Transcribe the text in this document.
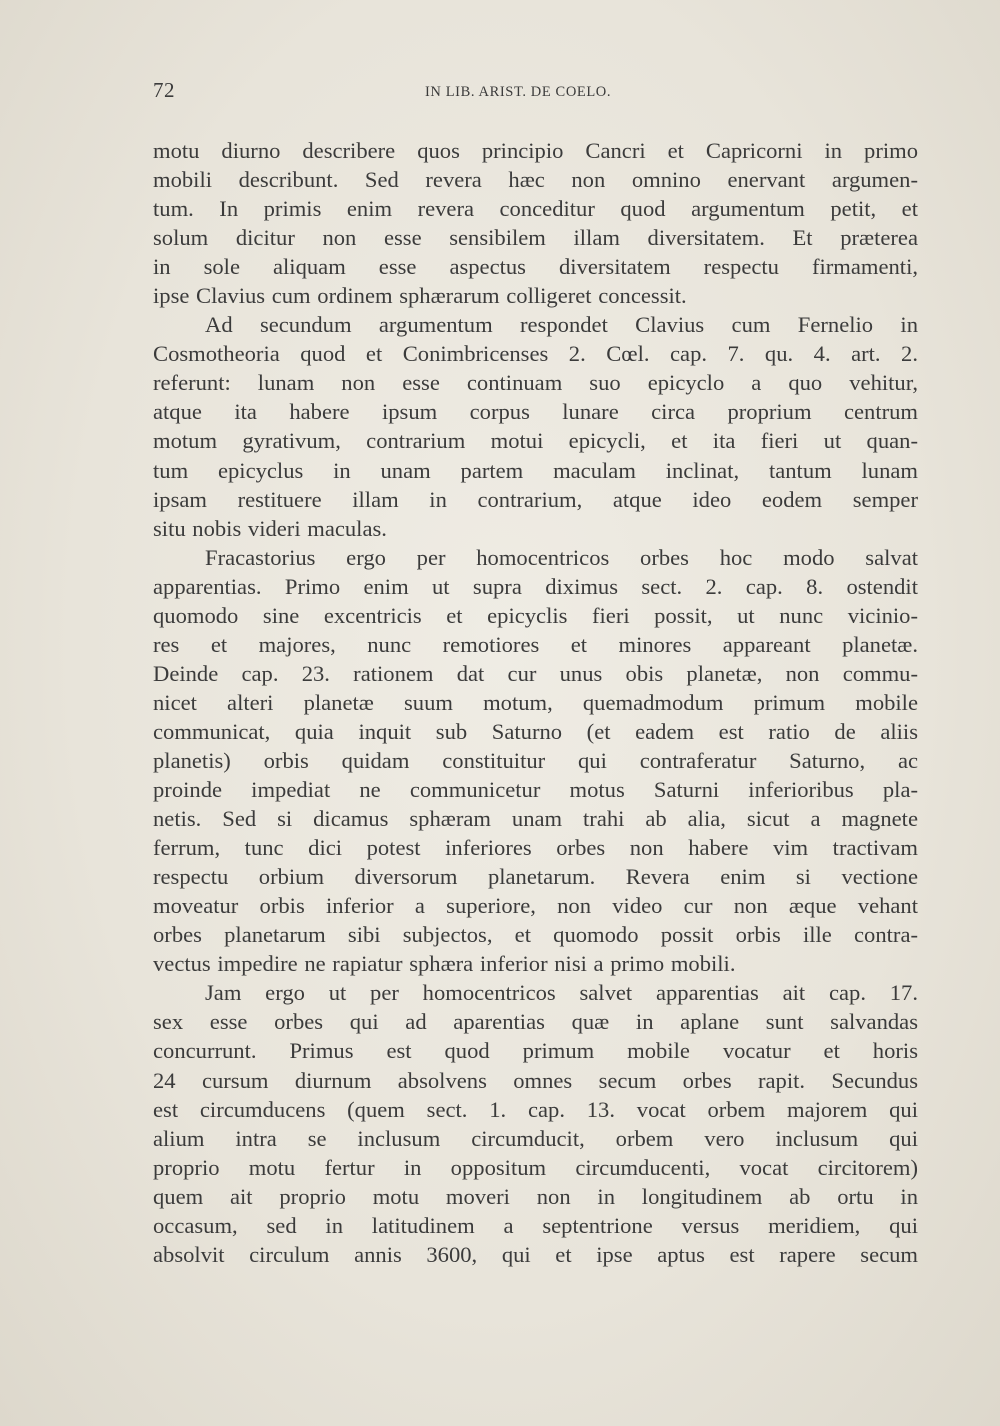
72	IN LIB. ARIST. DE COELO.
motu diurno describere quos principio Cancri et Capricorni in primo
mobili describunt. Sed revera hæc non omnino enervant argumen-
tum. In primis enim revera conceditur quod argumentum petit, et
solum dicitur non esse sensibilem illam diversitatem. Et præterea
in sole aliquam esse aspectus diversitatem respectu firmamenti,
ipse Clavius cum ordinem sphærarum colligeret concessit.
Ad secundum argumentum respondet Clavius cum Fernelio in
Cosmotheoria quod et Conimbricenses 2. Cœl. cap. 7. qu. 4. art. 2.
referunt: lunam non esse continuam suo epicyclo a quo vehitur,
atque ita habere ipsum corpus lunare circa proprium centrum
motum gyrativum, contrarium motui epicycli, et ita fieri ut quan-
tum epicyclus in unam partem maculam inclinat, tantum lunam
ipsam restituere illam in contrarium, atque ideo eodem semper
situ nobis videri maculas.
Fracastorius ergo per homocentricos orbes hoc modo salvat
apparentias. Primo enim ut supra diximus sect. 2. cap. 8. ostendit
quomodo sine excentricis et epicyclis fieri possit, ut nunc vicinio-
res et majores, nunc remotiores et minores appareant planetæ.
Deinde cap. 23. rationem dat cur unus obis planetæ, non commu-
nicet alteri planetæ suum motum, quemadmodum primum mobile
communicat, quia inquit sub Saturno (et eadem est ratio de aliis
planetis) orbis quidam constituitur qui contraferatur Saturno, ac
proinde impediat ne communicetur motus Saturni inferioribus pla-
netis. Sed si dicamus sphæram unam trahi ab alia, sicut a magnete
ferrum, tunc dici potest inferiores orbes non habere vim tractivam
respectu orbium diversorum planetarum. Revera enim si vectione
moveatur orbis inferior a superiore, non video cur non æque vehant
orbes planetarum sibi subjectos, et quomodo possit orbis ille contra-
vectus impedire ne rapiatur sphæra inferior nisi a primo mobili.
Jam ergo ut per homocentricos salvet apparentias ait cap. 17.
sex esse orbes qui ad aparentias quæ in aplane sunt salvandas
concurrunt. Primus est quod primum mobile vocatur et horis
24 cursum diurnum absolvens omnes secum orbes rapit. Secundus
est circumducens (quem sect. 1. cap. 13. vocat orbem majorem qui
alium intra se inclusum circumducit, orbem vero inclusum qui
proprio motu fertur in oppositum circumducenti, vocat circitorem)
quem ait proprio motu moveri non in longitudinem ab ortu in
occasum, sed in latitudinem a septentrione versus meridiem, qui
absolvit circulum annis 3600, qui et ipse aptus est rapere secum
